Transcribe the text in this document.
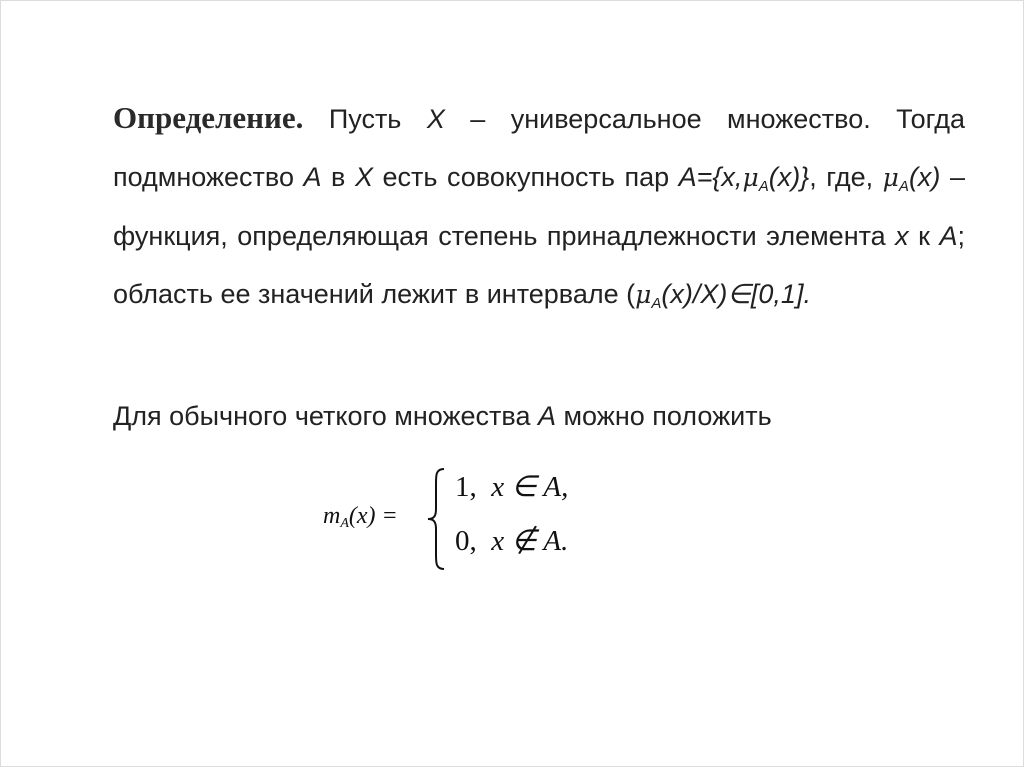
Определение. Пусть X – универсальное множество. Тогда подмножество A в X есть совокупность пар $A=\{x,\mu_A(x)\}$, где, $\mu_A(x)$ – функция, определяющая степень принадлежности элемента x к A; область ее значений лежит в интервале $(\mu_A(x)/X)\in[0,1]$.

Для обычного четкого множества A можно положить

$m_A(x)$ =
1, x ∈ A,
0, x ∉ A.
